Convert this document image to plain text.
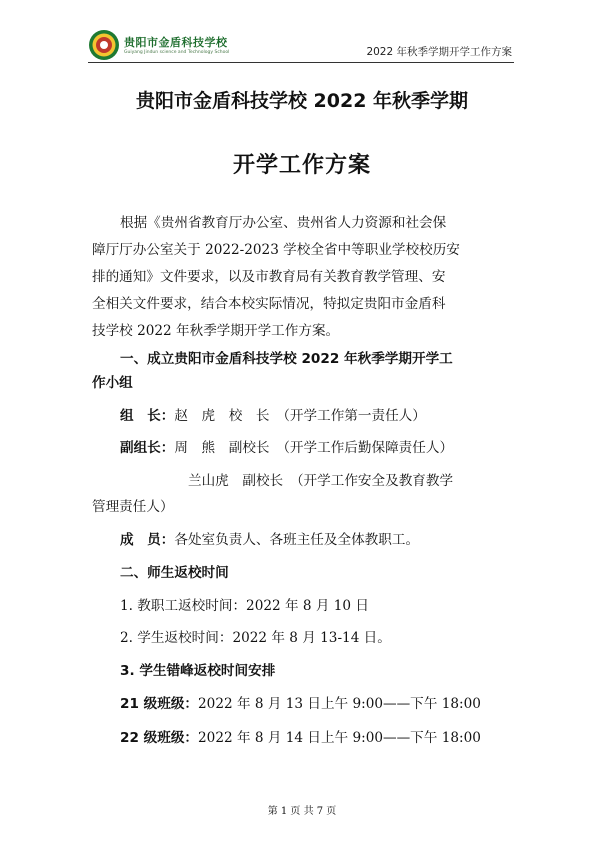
贵阳市金盾科技学校
Guiyang Jindun science and Technology School	2022 年秋季学期开学工作方案
贵阳市金盾科技学校 2022 年秋季学期
开学工作方案
根据《贵州省教育厅办公室、贵州省人力资源和社会保
障厅厅办公室关于 2022-2023 学校全省中等职业学校校历安
排的通知》文件要求，以及市教育局有关教育教学管理、安
全相关文件要求，结合本校实际情况，特拟定贵阳市金盾科
技学校 2022 年秋季学期开学工作方案。
一、成立贵阳市金盾科技学校 2022 年秋季学期开学工
作小组
组　长：赵　虎　校　长　（开学工作第一责任人）
副组长：周　熊　副校长　（开学工作后勤保障责任人）
兰山虎　副校长　（开学工作安全及教育教学
管理责任人）
成　员：各处室负责人、各班主任及全体教职工。
二、师生返校时间
1. 教职工返校时间：2022 年 8 月 10 日
2. 学生返校时间：2022 年 8 月 13-14 日。
3. 学生错峰返校时间安排
21 级班级：2022 年 8 月 13 日上午 9:00——下午 18:00
22 级班级：2022 年 8 月 14 日上午 9:00——下午 18:00
第 1 页 共 7 页
